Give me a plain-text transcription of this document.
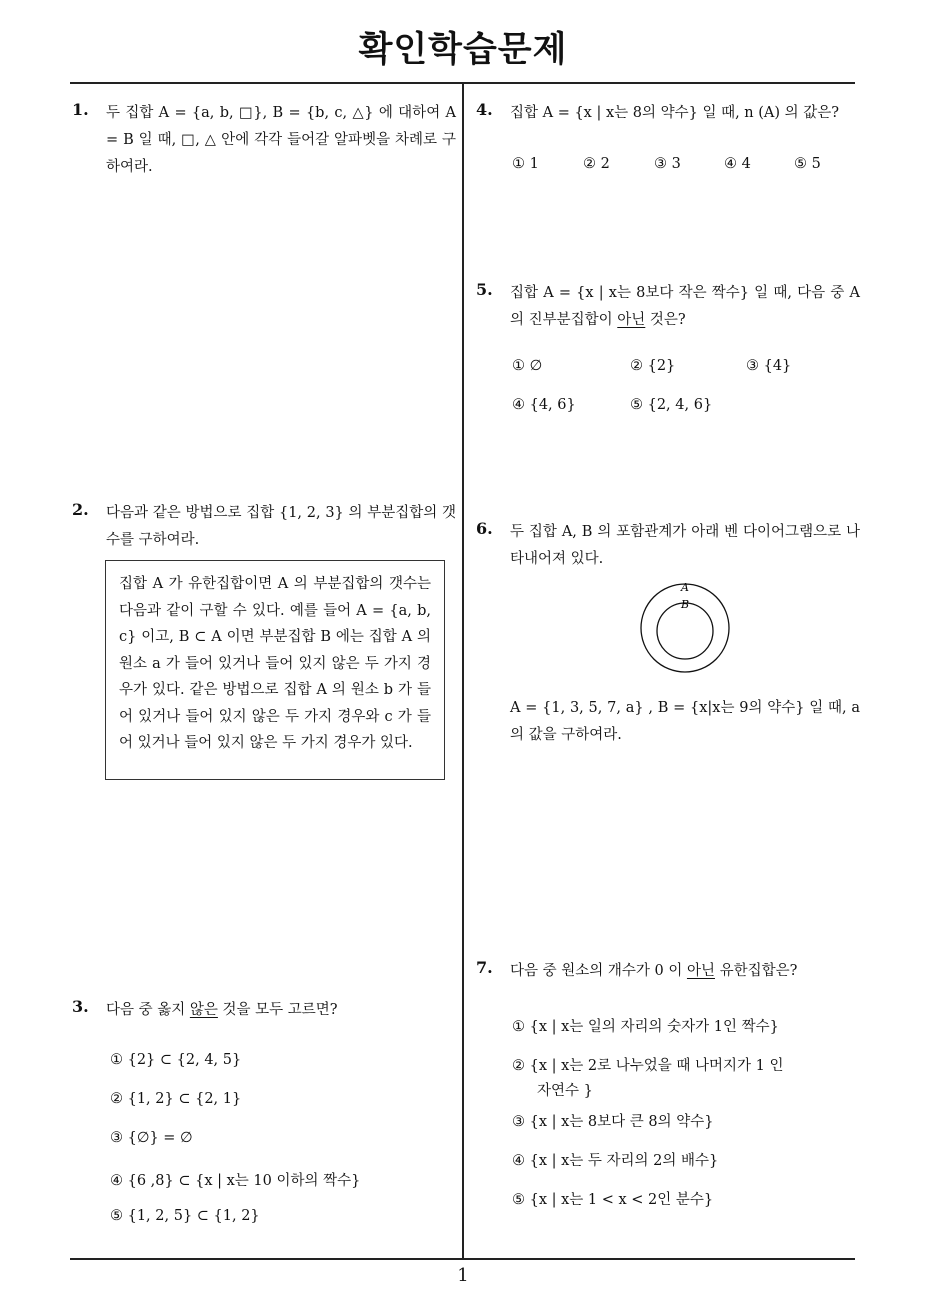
확인학습문제
1. 두 집합 A = {a, b, □}, B = {b, c, △} 에 대하여 A = B 일 때, □, △ 안에 각각 들어갈 알파벳을 차례로 구하여라.
2. 다음과 같은 방법으로 집합 {1, 2, 3} 의 부분집합의 갯수를 구하여라.
집합 A 가 유한집합이면 A 의 부분집합의 갯수는 다음과 같이 구할 수 있다. 예를 들어 A = {a, b, c} 이고, B ⊂ A 이면 부분집합 B 에는 집합 A 의 원소 a 가 들어 있거나 들어 있지 않은 두 가지 경우가 있다. 같은 방법으로 집합 A 의 원소 b 가 들어 있거나 들어 있지 않은 두 가지 경우와 c 가 들어 있거나 들어 있지 않은 두 가지 경우가 있다.
3. 다음 중 옳지 않은 것을 모두 고르면?
① {2} ⊂ {2, 4, 5}
② {1, 2} ⊂ {2, 1}
③ {∅} = ∅
④ {6 ,8} ⊂ {x | x는 10 이하의 짝수}
⑤ {1, 2, 5} ⊂ {1, 2}
4. 집합 A = {x | x는 8의 약수} 일 때, n (A) 의 값은?
① 1	② 2	③ 3	④ 4	⑤ 5
5. 집합 A = {x | x는 8보다 작은 짝수} 일 때, 다음 중 A 의 진부분집합이 아닌 것은?
① ∅	② {2}	③ {4}
④ {4, 6}	⑤ {2, 4, 6}
6. 두 집합 A, B 의 포함관계가 아래 벤 다이어그램으로 나타내어져 있다.
A
B
A = {1, 3, 5, 7, a} , B = {x|x는 9의 약수} 일 때, a 의 값을 구하여라.
7. 다음 중 원소의 개수가 0 이 아닌 유한집합은?
① {x | x는 일의 자리의 숫자가 1인 짝수}
② {x | x는 2로 나누었을 때 나머지가 1 인
자연수 }
③ {x | x는 8보다 큰 8의 약수}
④ {x | x는 두 자리의 2의 배수}
⑤ {x | x는 1 < x < 2인 분수}
1
